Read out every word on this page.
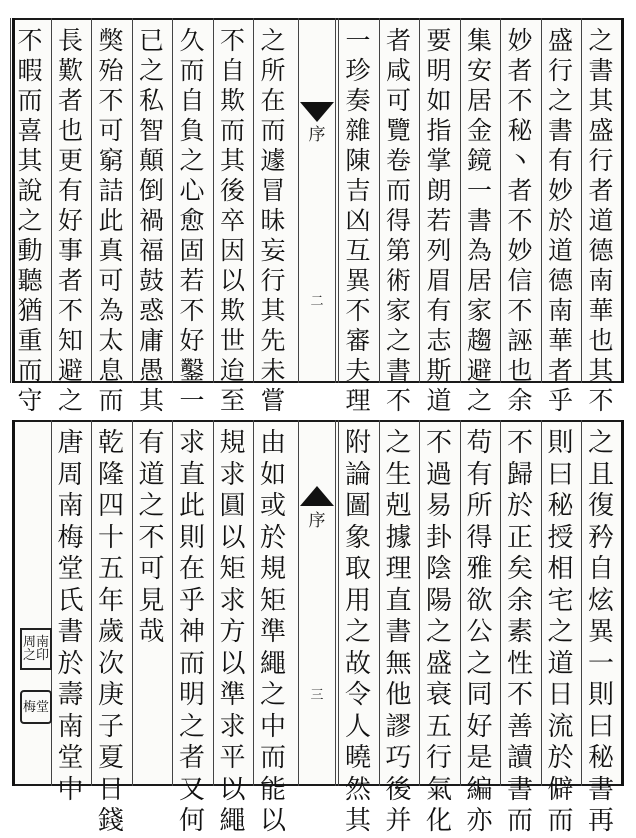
之
書
其
盛
行
者
道
德
南
華
也
其
不
盛
行
之
書
有
妙
於
道
德
南
華
者
乎
妙
者
不
秘
丶
者
不
妙
信
不
誣
也
余
集
安
居
金
鏡
一
書
為
居
家
趨
避
之
要
明
如
指
掌
朗
若
列
眉
有
志
斯
道
者
咸
可
覽
卷
而
得
第
術
家
之
書
不
一
珍
奏
雜
陳
吉
凶
互
異
不
審
夫
理
之
所
在
而
遽
冒
昧
妄
行
其
先
未
嘗
不
自
欺
而
其
後
卒
因
以
欺
世
迨
至
久
而
自
負
之
心
愈
固
若
不
好
鑿
一
已
之
私
智
顛
倒
禍
福
鼓
惑
庸
愚
其
獘
殆
不
可
窮
詰
此
真
可
為
太
息
而
長
歎
者
也
更
有
好
事
者
不
知
避
之
不
暇
而
喜
其
說
之
動
聽
猶
重
而
守
序
二
之
且
復
矜
自
炫
異
一
則
曰
秘
書
再
則
曰
秘
授
相
宅
之
道
日
流
於
僻
而
不
歸
於
正
矣
余
素
性
不
善
讀
書
而
苟
有
所
得
雅
欲
公
之
同
好
是
編
亦
不
過
易
卦
陰
陽
之
盛
衰
五
行
氣
化
之
生
剋
據
理
直
書
無
他
謬
巧
後
并
附
論
圖
象
取
用
之
故
令
人
曉
然
其
由
如
或
於
規
矩
準
繩
之
中
而
能
以
規
求
圓
以
矩
求
方
以
準
求
平
以
繩
求
直
此
則
在
乎
神
而
明
之
者
又
何
有
道
之
不
可
見
哉
乾
隆
四
十
五
年
歲
次
庚
子
夏
日
錢
唐
周
南
梅
堂
氏
書
於
壽
南
堂
中
序
三
周南之印
梅堂
